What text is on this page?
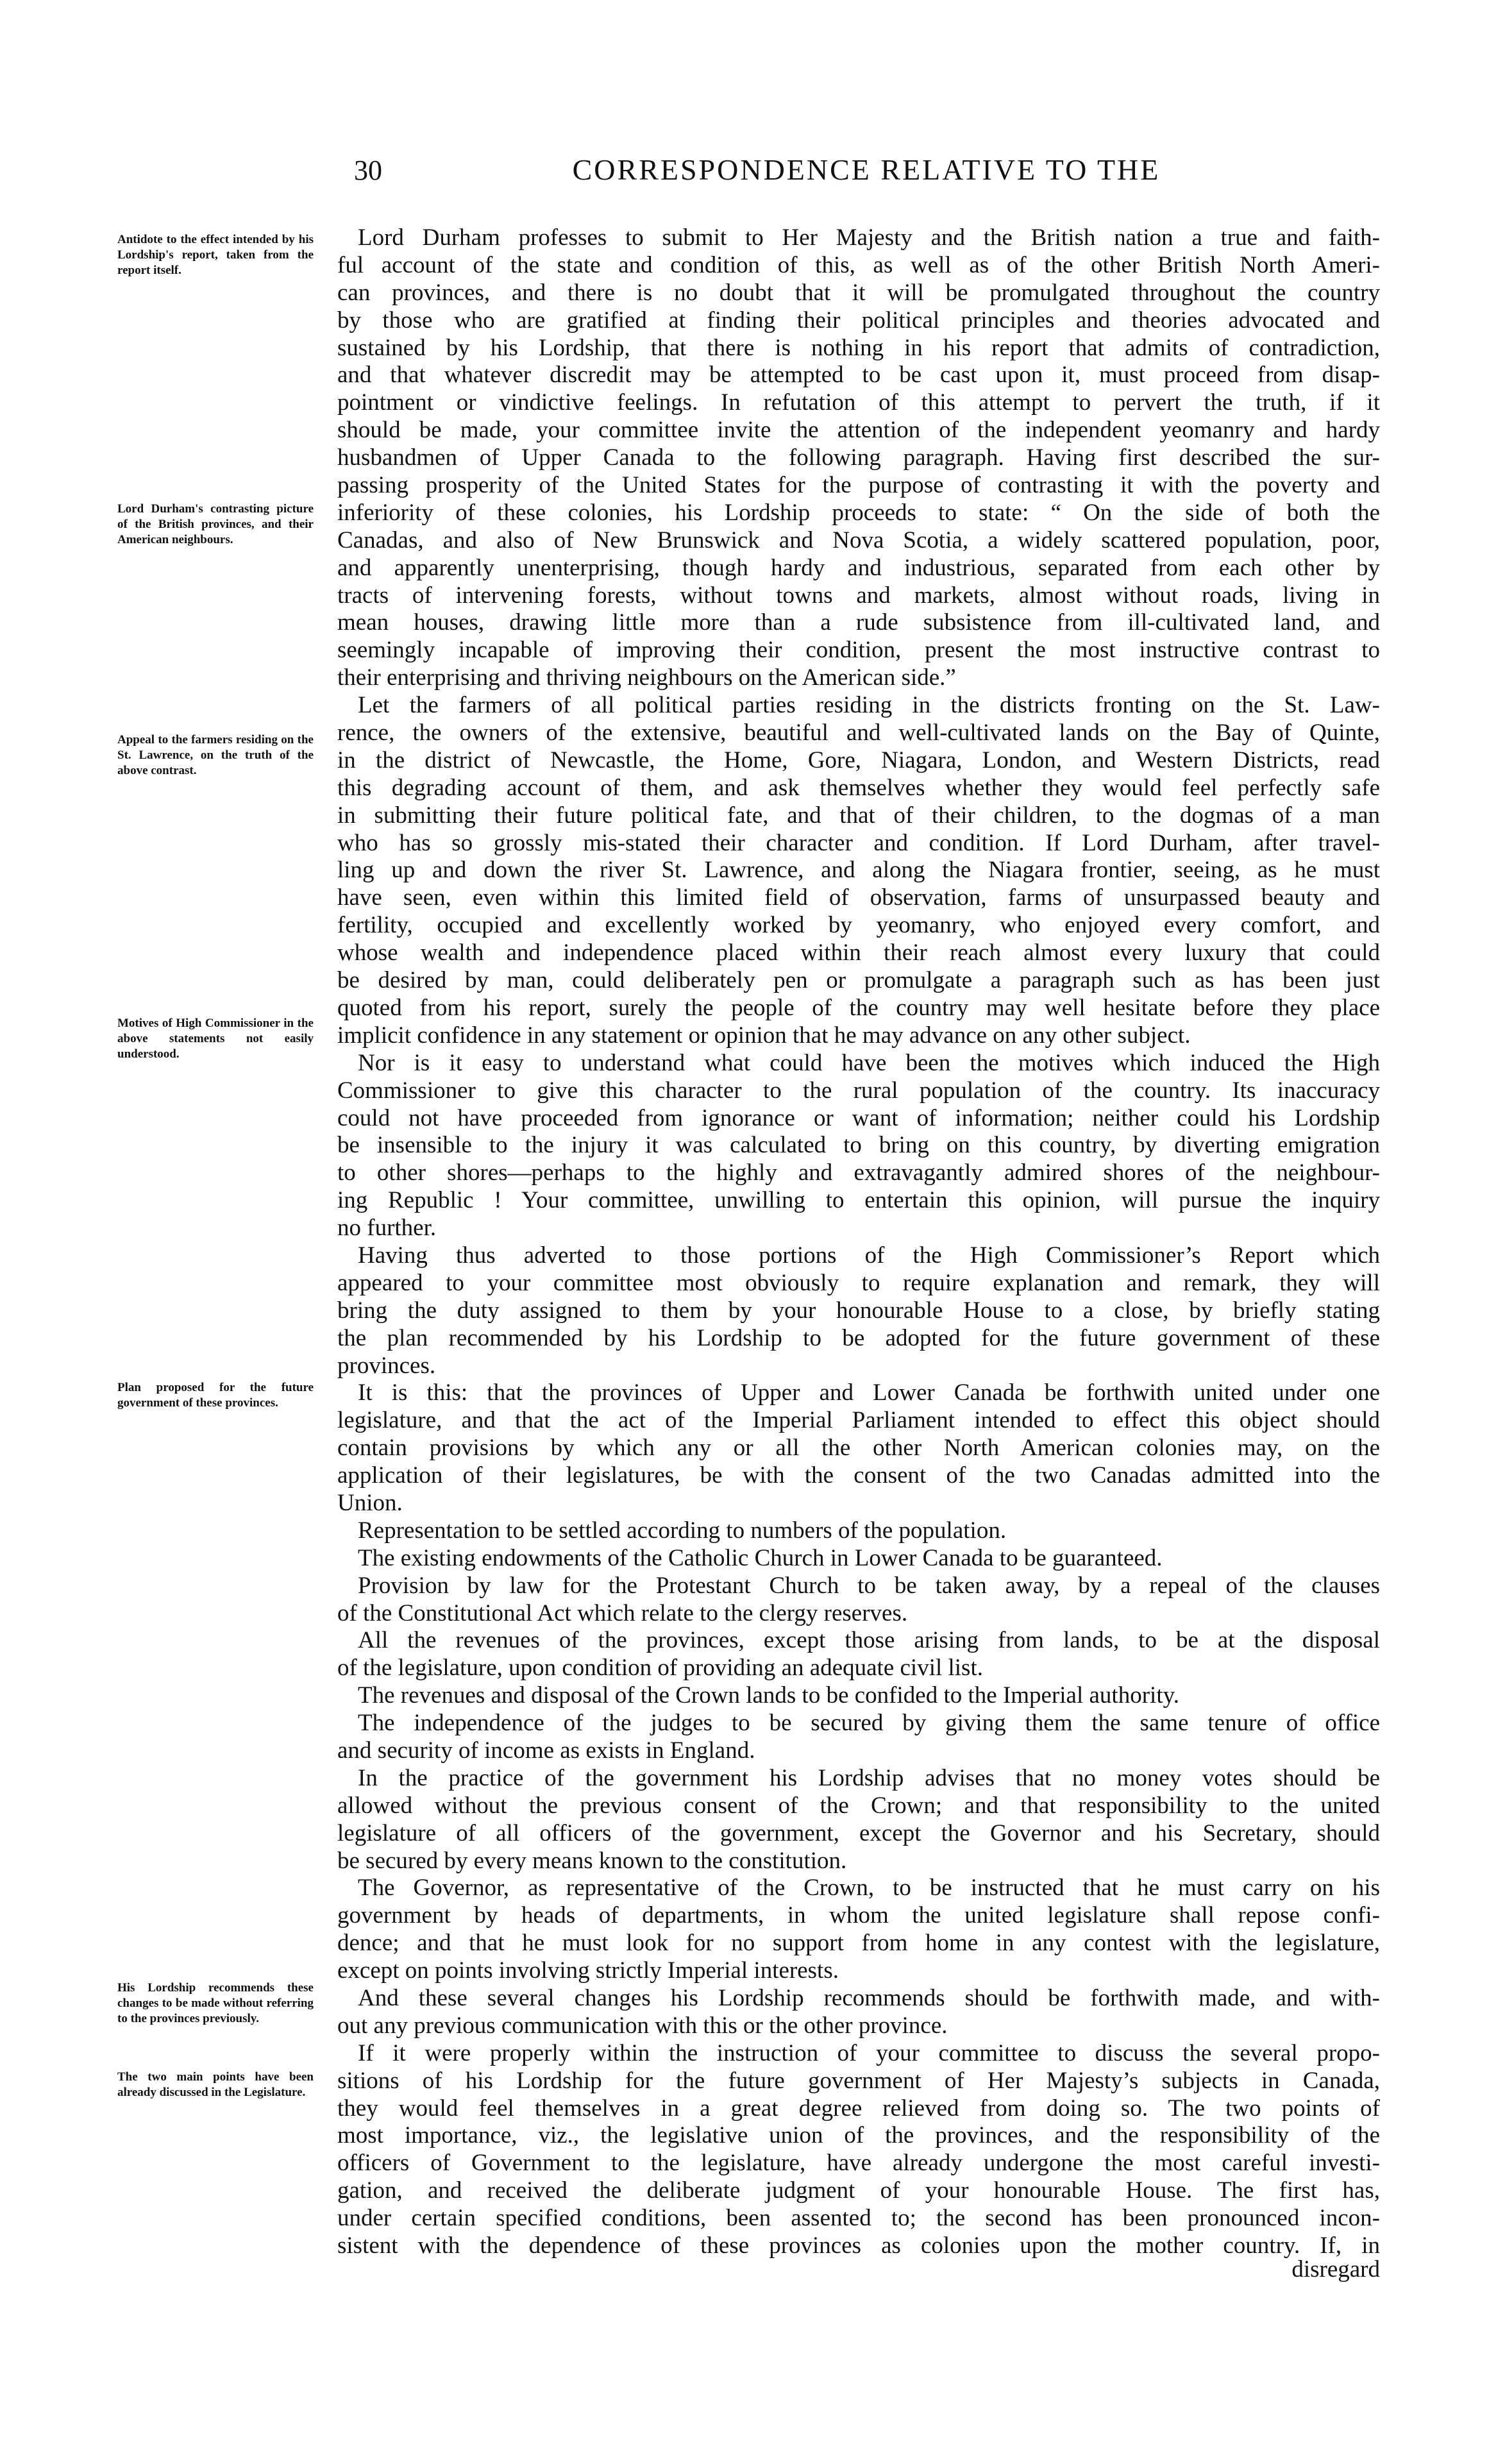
30	CORRESPONDENCE RELATIVE TO THE
Antidote to the effect intended by his Lordship's report, taken from the report itself.
Lord Durham's contrasting picture of the British provinces, and their American neighbours.
Appeal to the farmers residing on the St. Lawrence, on the truth of the above contrast.
Motives of High Commissioner in the above statements not easily understood.
Plan proposed for the future government of these provinces.
His Lordship recommends these changes to be made without referring to the provinces previously.
The two main points have been already discussed in the Legislature.
Lord Durham professes to submit to Her Majesty and the British nation a true and faith-
ful account of the state and condition of this, as well as of the other British North Ameri-
can provinces, and there is no doubt that it will be promulgated throughout the country
by those who are gratified at finding their political principles and theories advocated and
sustained by his Lordship, that there is nothing in his report that admits of contradiction,
and that whatever discredit may be attempted to be cast upon it, must proceed from disap-
pointment or vindictive feelings. In refutation of this attempt to pervert the truth, if it
should be made, your committee invite the attention of the independent yeomanry and hardy
husbandmen of Upper Canada to the following paragraph. Having first described the sur-
passing prosperity of the United States for the purpose of contrasting it with the poverty and
inferiority of these colonies, his Lordship proceeds to state: “ On the side of both the
Canadas, and also of New Brunswick and Nova Scotia, a widely scattered population, poor,
and apparently unenterprising, though hardy and industrious, separated from each other by
tracts of intervening forests, without towns and markets, almost without roads, living in
mean houses, drawing little more than a rude subsistence from ill-cultivated land, and
seemingly incapable of improving their condition, present the most instructive contrast to
their enterprising and thriving neighbours on the American side.”
Let the farmers of all political parties residing in the districts fronting on the St. Law-
rence, the owners of the extensive, beautiful and well-cultivated lands on the Bay of Quinte,
in the district of Newcastle, the Home, Gore, Niagara, London, and Western Districts, read
this degrading account of them, and ask themselves whether they would feel perfectly safe
in submitting their future political fate, and that of their children, to the dogmas of a man
who has so grossly mis-stated their character and condition. If Lord Durham, after travel-
ling up and down the river St. Lawrence, and along the Niagara frontier, seeing, as he must
have seen, even within this limited field of observation, farms of unsurpassed beauty and
fertility, occupied and excellently worked by yeomanry, who enjoyed every comfort, and
whose wealth and independence placed within their reach almost every luxury that could
be desired by man, could deliberately pen or promulgate a paragraph such as has been just
quoted from his report, surely the people of the country may well hesitate before they place
implicit confidence in any statement or opinion that he may advance on any other subject.
Nor is it easy to understand what could have been the motives which induced the High
Commissioner to give this character to the rural population of the country. Its inaccuracy
could not have proceeded from ignorance or want of information; neither could his Lordship
be insensible to the injury it was calculated to bring on this country, by diverting emigration
to other shores—perhaps to the highly and extravagantly admired shores of the neighbour-
ing Republic ! Your committee, unwilling to entertain this opinion, will pursue the inquiry
no further.
Having thus adverted to those portions of the High Commissioner’s Report which
appeared to your committee most obviously to require explanation and remark, they will
bring the duty assigned to them by your honourable House to a close, by briefly stating
the plan recommended by his Lordship to be adopted for the future government of these
provinces.
It is this: that the provinces of Upper and Lower Canada be forthwith united under one
legislature, and that the act of the Imperial Parliament intended to effect this object should
contain provisions by which any or all the other North American colonies may, on the
application of their legislatures, be with the consent of the two Canadas admitted into the
Union.
Representation to be settled according to numbers of the population.
The existing endowments of the Catholic Church in Lower Canada to be guaranteed.
Provision by law for the Protestant Church to be taken away, by a repeal of the clauses
of the Constitutional Act which relate to the clergy reserves.
All the revenues of the provinces, except those arising from lands, to be at the disposal
of the legislature, upon condition of providing an adequate civil list.
The revenues and disposal of the Crown lands to be confided to the Imperial authority.
The independence of the judges to be secured by giving them the same tenure of office
and security of income as exists in England.
In the practice of the government his Lordship advises that no money votes should be
allowed without the previous consent of the Crown; and that responsibility to the united
legislature of all officers of the government, except the Governor and his Secretary, should
be secured by every means known to the constitution.
The Governor, as representative of the Crown, to be instructed that he must carry on his
government by heads of departments, in whom the united legislature shall repose confi-
dence; and that he must look for no support from home in any contest with the legislature,
except on points involving strictly Imperial interests.
And these several changes his Lordship recommends should be forthwith made, and with-
out any previous communication with this or the other province.
If it were properly within the instruction of your committee to discuss the several propo-
sitions of his Lordship for the future government of Her Majesty’s subjects in Canada,
they would feel themselves in a great degree relieved from doing so. The two points of
most importance, viz., the legislative union of the provinces, and the responsibility of the
officers of Government to the legislature, have already undergone the most careful investi-
gation, and received the deliberate judgment of your honourable House. The first has,
under certain specified conditions, been assented to; the second has been pronounced incon-
sistent with the dependence of these provinces as colonies upon the mother country. If, in
disregard
